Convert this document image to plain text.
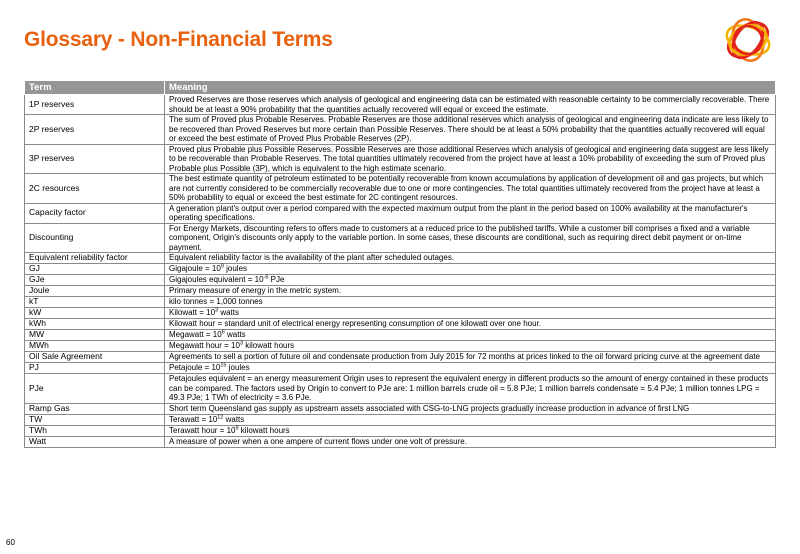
Glossary - Non-Financial Terms
Term	Meaning
1P reserves	Proved Reserves are those reserves which analysis of geological and engineering data can be estimated with reasonable certainty to be commercially recoverable. There should be at least a 90% probability that the quantities actually recovered will equal or exceed the estimate.
2P reserves	The sum of Proved plus Probable Reserves. Probable Reserves are those additional reserves which analysis of geological and engineering data indicate are less likely to be recovered than Proved Reserves but more certain than Possible Reserves. There should be at least a 50% probability that the quantities actually recovered will equal or exceed the best estimate of Proved Plus Probable Reserves (2P).
3P reserves	Proved plus Probable plus Possible Reserves. Possible Reserves are those additional Reserves which analysis of geological and engineering data suggest are less likely to be recoverable than Probable Reserves. The total quantities ultimately recovered from the project have at least a 10% probability of exceeding the sum of Proved plus Probable plus Possible (3P), which is equivalent to the high estimate scenario.
2C resources	The best estimate quantity of petroleum estimated to be potentially recoverable from known accumulations by application of development oil and gas projects, but which are not currently considered to be commercially recoverable due to one or more contingencies. The total quantities ultimately recovered from the project have at least a 50% probability to equal or exceed the best estimate for 2C contingent resources.
Capacity factor	A generation plant's output over a period compared with the expected maximum output from the plant in the period based on 100% availability at the manufacturer's operating specifications.
Discounting	For Energy Markets, discounting refers to offers made to customers at a reduced price to the published tariffs. While a customer bill comprises a fixed and a variable component, Origin's discounts only apply to the variable portion. In some cases, these discounts are conditional, such as requiring direct debit payment or on-time payment.
Equivalent reliability factor	Equivalent reliability factor is the availability of the plant after scheduled outages.
GJ	Gigajoule = $10^9$ joules
GJe	Gigajoules equivalent = $10^{-6}$ PJe
Joule	Primary measure of energy in the metric system.
kT	kilo tonnes = 1,000 tonnes
kW	Kilowatt = $10^3$ watts
kWh	Kilowatt hour = standard unit of electrical energy representing consumption of one kilowatt over one hour.
MW	Megawatt = $10^6$ watts
MWh	Megawatt hour = $10^3$ kilowatt hours
Oil Sale Agreement	Agreements to sell a portion of future oil and condensate production from July 2015 for 72 months at prices linked to the oil forward pricing curve at the agreement date
PJ	Petajoule = $10^{15}$ joules
PJe	Petajoules equivalent = an energy measurement Origin uses to represent the equivalent energy in different products so the amount of energy contained in these products can be compared. The factors used by Origin to convert to PJe are: 1 million barrels crude oil = 5.8 PJe; 1 million barrels condensate = 5.4 PJe; 1 million tonnes LPG = 49.3 PJe; 1 TWh of electricity = 3.6 PJe.
Ramp Gas	Short term Queensland gas supply as upstream assets associated with CSG-to-LNG projects gradually increase production in advance of first LNG
TW	Terawatt = $10^{12}$ watts
TWh	Terawatt hour = $10^9$ kilowatt hours
Watt	A measure of power when a one ampere of current flows under one volt of pressure.
60
